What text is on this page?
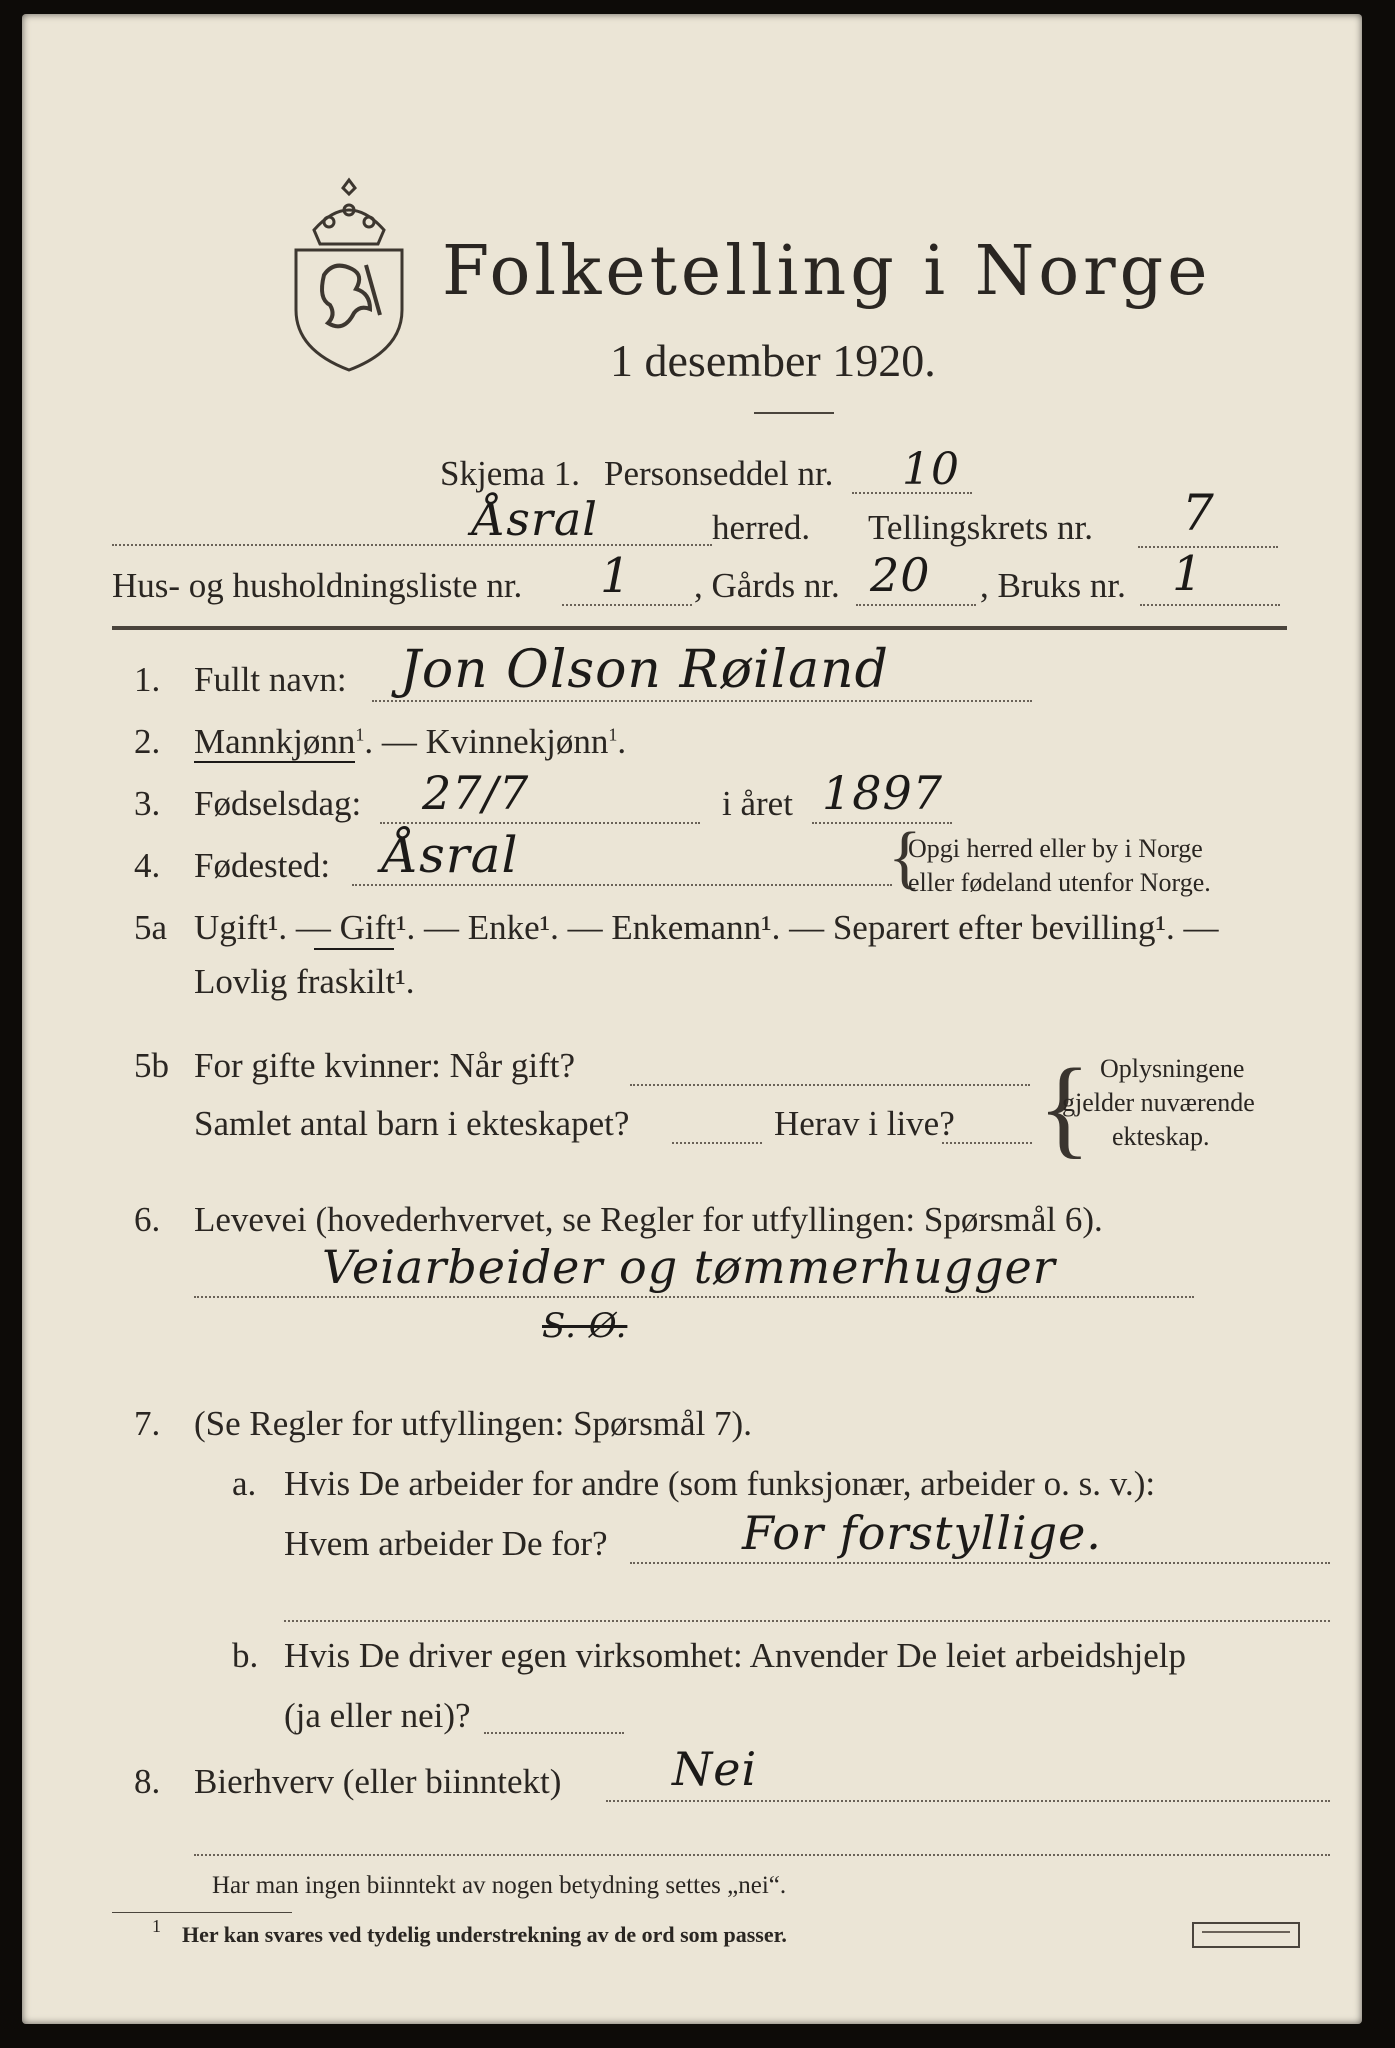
Folketelling i Norge
1 desember 1920.
Skjema 1. Personseddel nr. 10
Åsral	herred. Tellingskrets nr. 7
Hus- og husholdningsliste nr. 1 , Gårds nr. 20 , Bruks nr. 1
1. Fullt navn: Jon Olson Røiland
2. Mannkjønn$^1$. — Kvinnekjønn$^1$.
3. Fødselsdag: 27/7	i året 1897
4. Fødested: Åsral	{
Opgi herred eller by i Norge
eller fødeland utenfor Norge.
5a Ugift¹. — Gift¹. — Enke¹. — Enkemann¹. — Separert efter bevilling¹. —
Lovlig fraskilt¹.
5b For gifte kvinner: Når gift?
Samlet antal barn i ekteskapet?	Herav i live? { Oplysningene
gjelder nuværende
ekteskap.
6. Levevei (hovederhvervet, se Regler for utfyllingen: Spørsmål 6).
Veiarbeider og tømmerhugger
S. Ø.
7. (Se Regler for utfyllingen: Spørsmål 7).
a. Hvis De arbeider for andre (som funksjonær, arbeider o. s. v.):
Hvem arbeider De for?	For forstyllige.
b. Hvis De driver egen virksomhet: Anvender De leiet arbeidshjelp
(ja eller nei)?
8. Bierhverv (eller biinntekt) Nei
Har man ingen biinntekt av nogen betydning settes „nei“.
1 Her kan svares ved tydelig understrekning av de ord som passer.
